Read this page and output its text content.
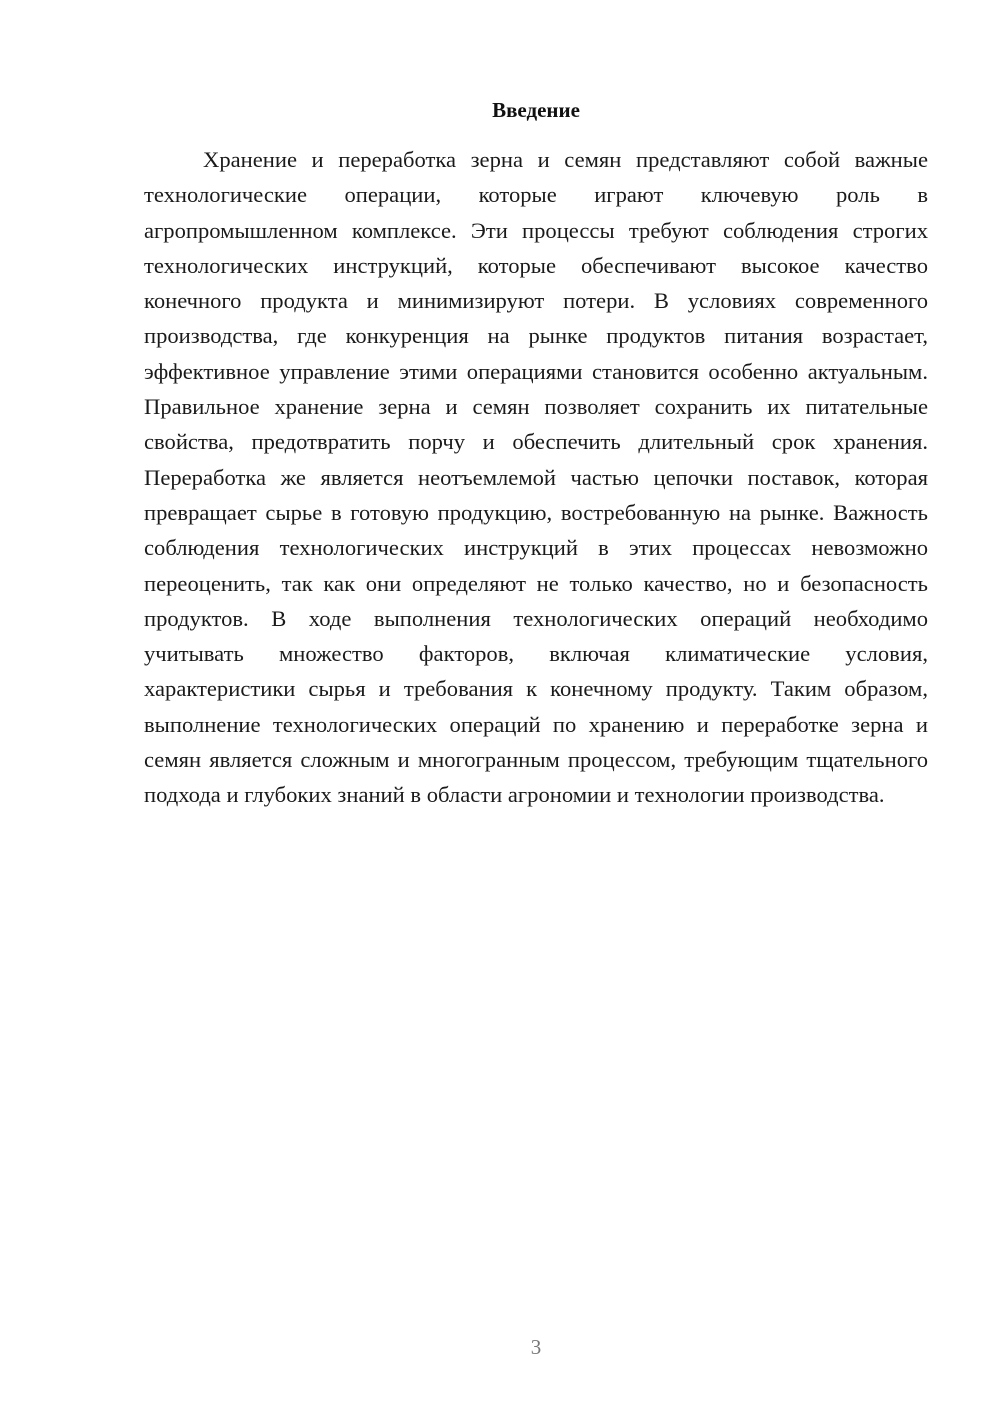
Введение

Хранение и переработка зерна и семян представляют собой важные технологические операции, которые играют ключевую роль в агропромышленном комплексе. Эти процессы требуют соблюдения строгих технологических инструкций, которые обеспечивают высокое качество конечного продукта и минимизируют потери. В условиях современного производства, где конкуренция на рынке продуктов питания возрастает, эффективное управление этими операциями становится особенно актуальным. Правильное хранение зерна и семян позволяет сохранить их питательные свойства, предотвратить порчу и обеспечить длительный срок хранения. Переработка же является неотъемлемой частью цепочки поставок, которая превращает сырье в готовую продукцию, востребованную на рынке. Важность соблюдения технологических инструкций в этих процессах невозможно переоценить, так как они определяют не только качество, но и безопасность продуктов. В ходе выполнения технологических операций необходимо учитывать множество факторов, включая климатические условия, характеристики сырья и требования к конечному продукту. Таким образом, выполнение технологических операций по хранению и переработке зерна и семян является сложным и многогранным процессом, требующим тщательного подхода и глубоких знаний в области агрономии и технологии производства.

3
